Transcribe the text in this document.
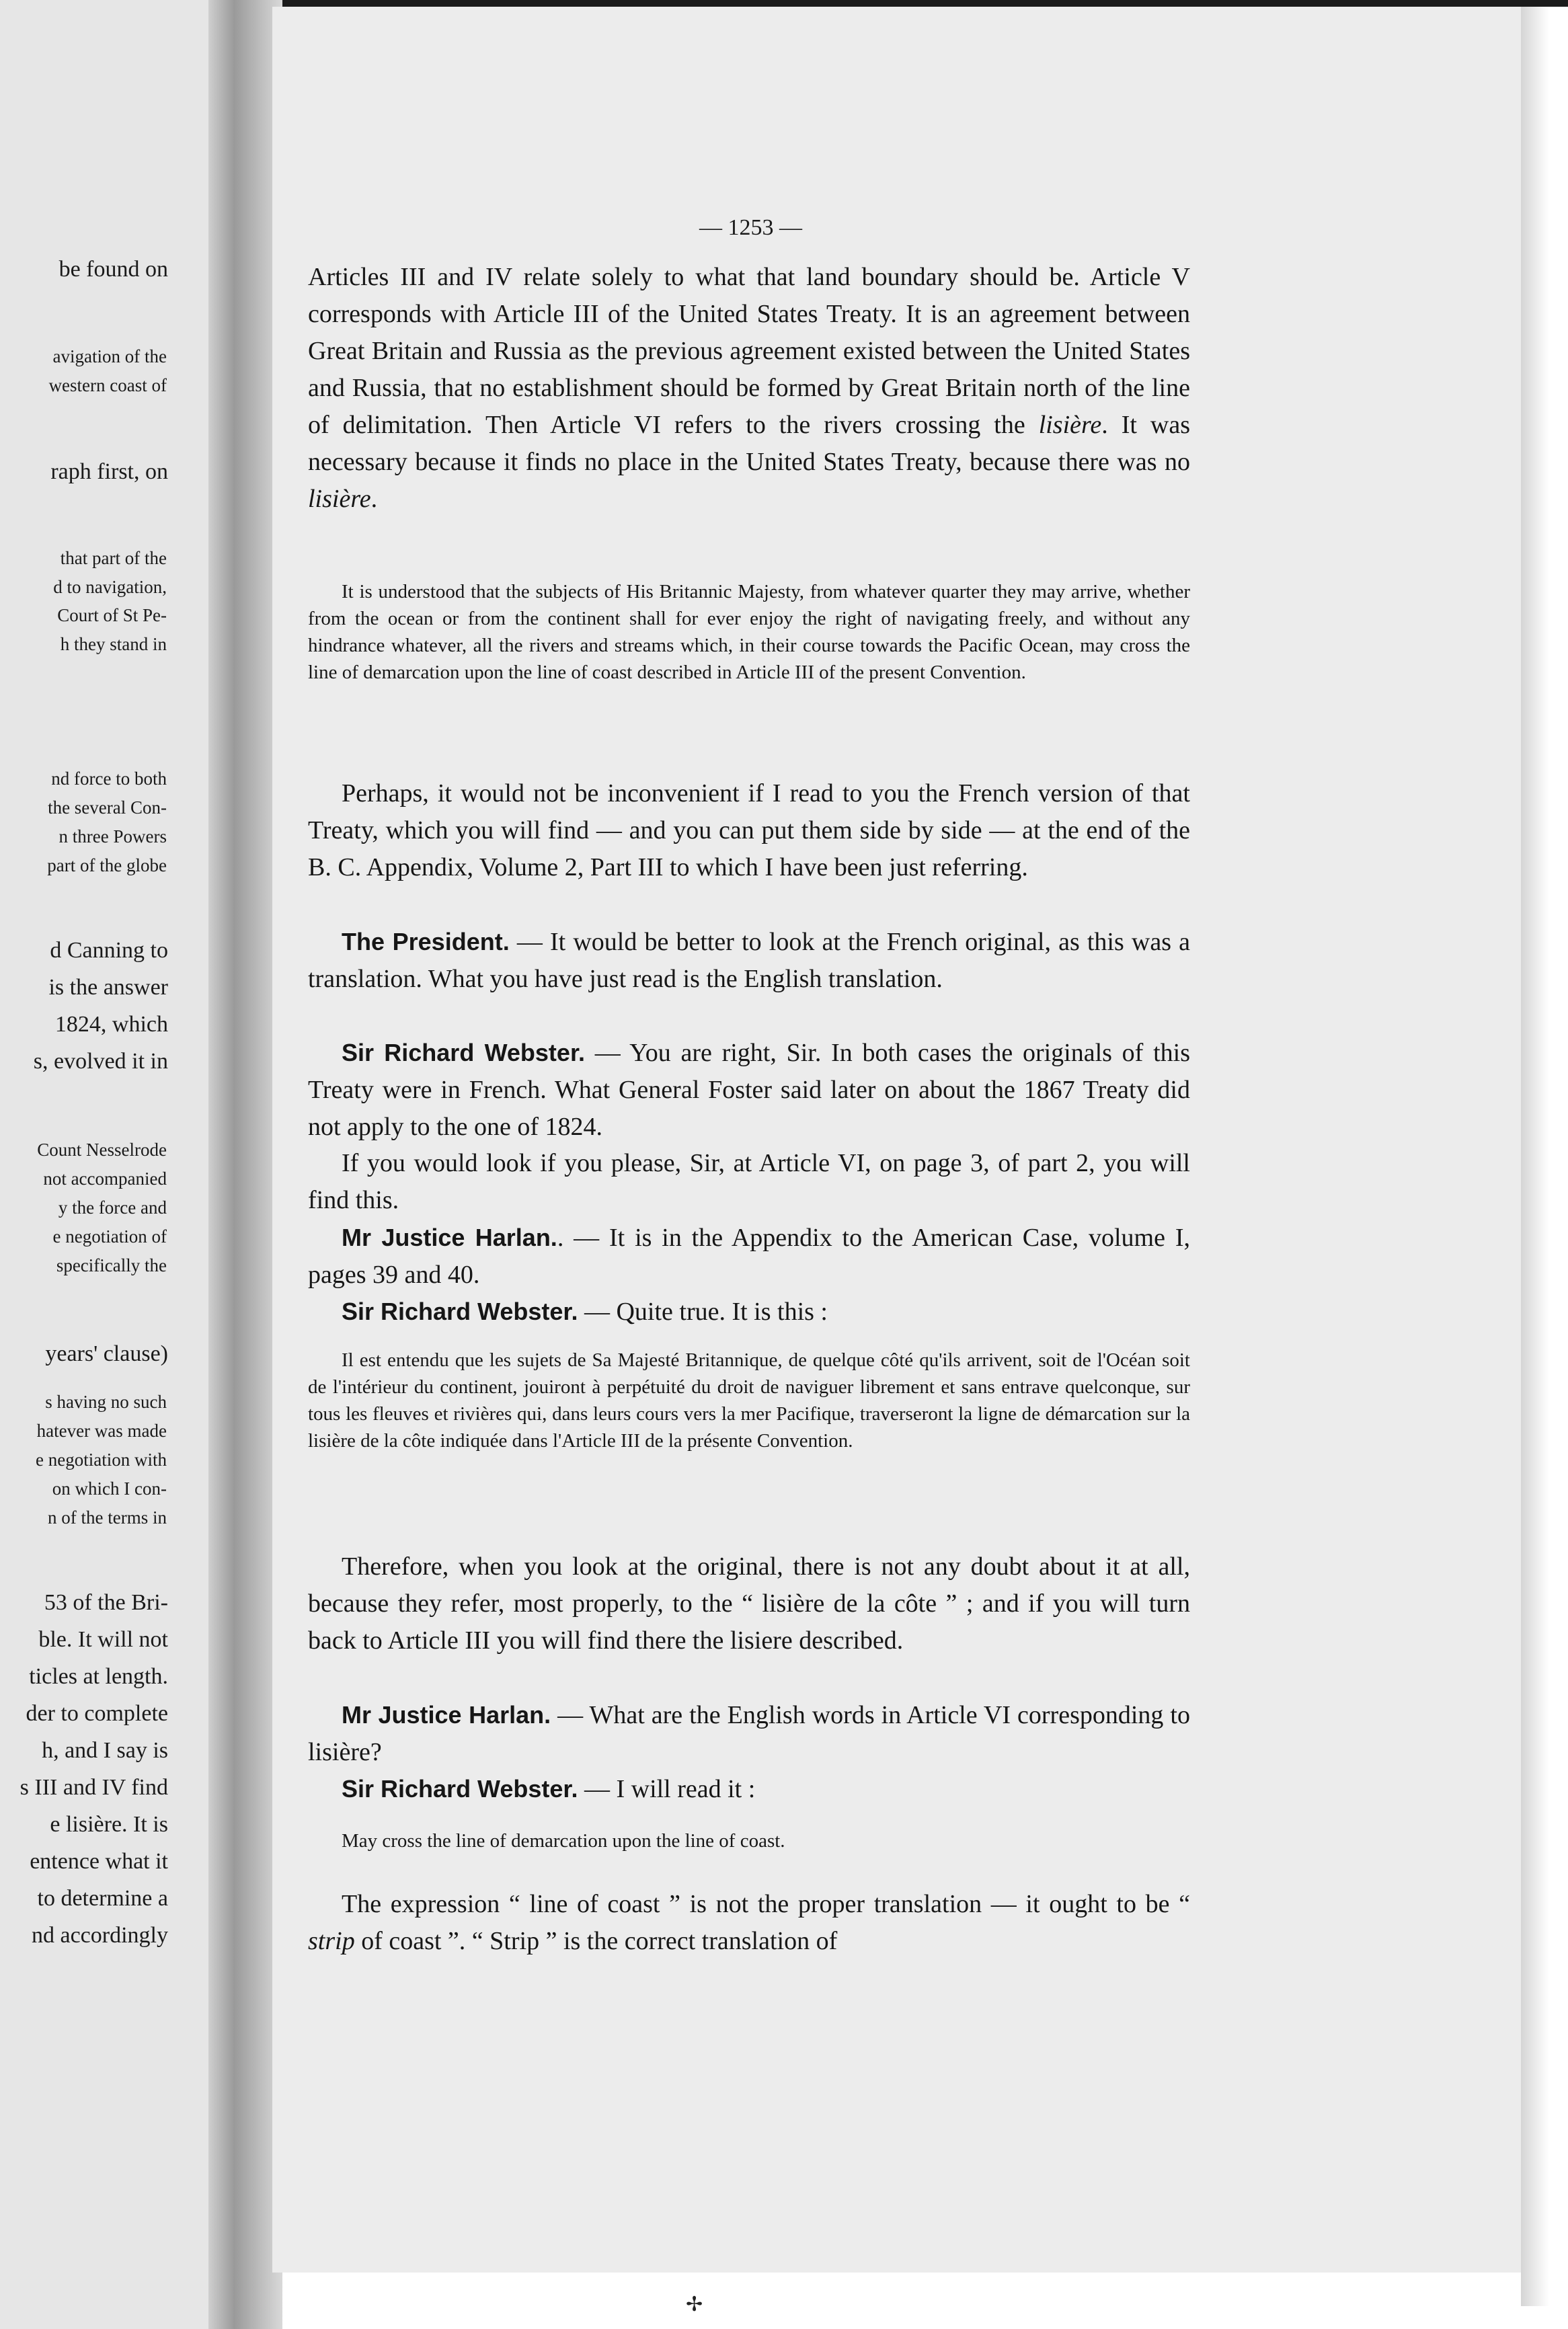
be found on
avigation of the
western coast of
raph first, on
that part of the
d to navigation,
Court of St Pe-
h they stand in
nd force to both
the several Con-
n three Powers
part of the globe
d Canning to
is the answer
1824, which
s, evolved it in
Count Nesselrode
not accompanied
y the force and
e negotiation of
specifically the
years' clause)
s having no such
hatever was made
e negotiation with
on which I con-
n of the terms in
53 of the Bri-
ble. It will not
ticles at length.
der to complete
h, and I say is
s III and IV find
e lisière. It is
entence what it
to determine a
nd accordingly
— 1253 —

Articles III and IV relate solely to what that land boundary should be. Article V corresponds with Article III of the United States Treaty. It is an agreement between Great Britain and Russia as the previous agreement existed between the United States and Russia, that no establishment should be formed by Great Britain north of the line of delimitation. Then Article VI refers to the rivers crossing the lisière. It was necessary because it finds no place in the United States Treaty, because there was no lisière.

It is understood that the subjects of His Britannic Majesty, from whatever quarter they may arrive, whether from the ocean or from the continent shall for ever enjoy the right of navigating freely, and without any hindrance whatever, all the rivers and streams which, in their course towards the Pacific Ocean, may cross the line of demarcation upon the line of coast described in Article III of the present Convention.

Perhaps, it would not be inconvenient if I read to you the French version of that Treaty, which you will find — and you can put them side by side — at the end of the B. C. Appendix, Volume 2, Part III to which I have been just referring.

The President. — It would be better to look at the French original, as this was a translation. What you have just read is the English translation.

Sir Richard Webster. — You are right, Sir. In both cases the originals of this Treaty were in French. What General Foster said later on about the 1867 Treaty did not apply to the one of 1824.

If you would look if you please, Sir, at Article VI, on page 3, of part 2, you will find this.

Mr Justice Harlan.. — It is in the Appendix to the American Case, volume I, pages 39 and 40.

Sir Richard Webster. — Quite true. It is this :

Il est entendu que les sujets de Sa Majesté Britannique, de quelque côté qu'ils arrivent, soit de l'Océan soit de l'intérieur du continent, jouiront à perpétuité du droit de naviguer librement et sans entrave quelconque, sur tous les fleuves et rivières qui, dans leurs cours vers la mer Pacifique, traverseront la ligne de démarcation sur la lisière de la côte indiquée dans l'Article III de la présente Convention.

Therefore, when you look at the original, there is not any doubt about it at all, because they refer, most properly, to the “ lisière de la côte ” ; and if you will turn back to Article III you will find there the lisiere described.

Mr Justice Harlan. — What are the English words in Article VI corresponding to lisière?

Sir Richard Webster. — I will read it :

May cross the line of demarcation upon the line of coast.

The expression “ line of coast ” is not the proper translation — it ought to be “ strip of coast ”. “ Strip ” is the correct translation of

✢
